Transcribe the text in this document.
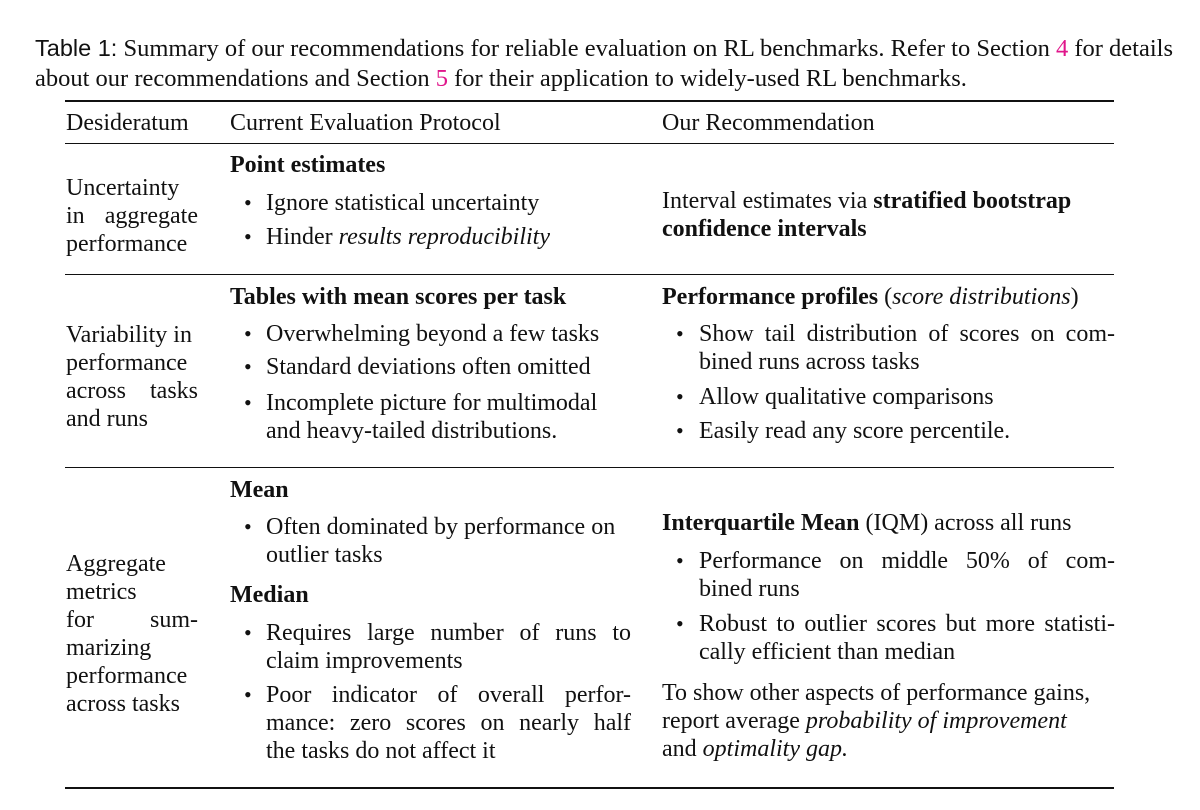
Table 1: Summary of our recommendations for reliable evaluation on RL benchmarks. Refer to Section 4 for details about our recommendations and Section 5 for their application to widely-used RL benchmarks.
Desideratum Current Evaluation Protocol	Our Recommendation
Uncertainty
in aggregate
performance
Point estimates
• Ignore statistical uncertainty
• Hinder results reproducibility
Interval estimates via stratified bootstrap
confidence intervals
Variability in
performance
across tasks
and runs
Tables with mean scores per task
• Overwhelming beyond a few tasks
• Standard deviations often omitted
• Incomplete picture for multimodal
and heavy-tailed distributions.
Performance profiles (score distributions)
• Show tail distribution of scores on com-
bined runs across tasks
• Allow qualitative comparisons
• Easily read any score percentile.
Aggregate
metrics
for sum-
marizing
performance
across tasks
Mean
• Often dominated by performance on
outlier tasks
Median
• Requires large number of runs to
claim improvements
• Poor indicator of overall perfor-
mance: zero scores on nearly half
the tasks do not affect it
Interquartile Mean (IQM) across all runs
• Performance on middle 50% of com-
bined runs
• Robust to outlier scores but more statisti-
cally efficient than median
To show other aspects of performance gains,
report average probability of improvement
and optimality gap.
